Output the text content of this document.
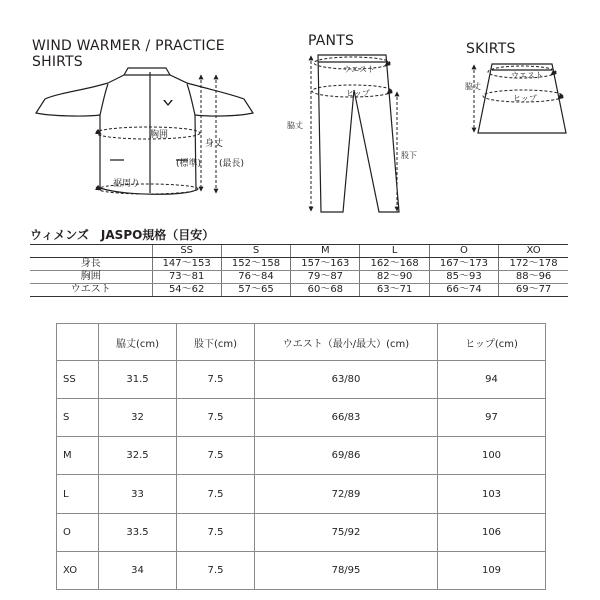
WIND WARMER / PRACTICE
SHIRTS
PANTS	SKIRTS
胸囲
裾周り
身丈
(標準) (最長)
ウエスト
ヒップ
脇丈
股下
ウエスト
ヒップ
脇丈
ウィメンズ　JASPO規格（目安）
	SS	S	M	L	O	XO
身長	147～153	152～158	157～163	162～168	167～173	172～178
胸囲	73～81	76～84	79～87	82～90	85～93	88～96
ウエスト	54～62	57～65	60～68	63～71	66～74	69～77
	脇丈(cm)	股下(cm)	ウエスト（最小/最大）(cm)	ヒップ(cm)
SS	31.5	7.5	63/80	94
S	32	7.5	66/83	97
M	32.5	7.5	69/86	100
L	33	7.5	72/89	103
O	33.5	7.5	75/92	106
XO	34	7.5	78/95	109
